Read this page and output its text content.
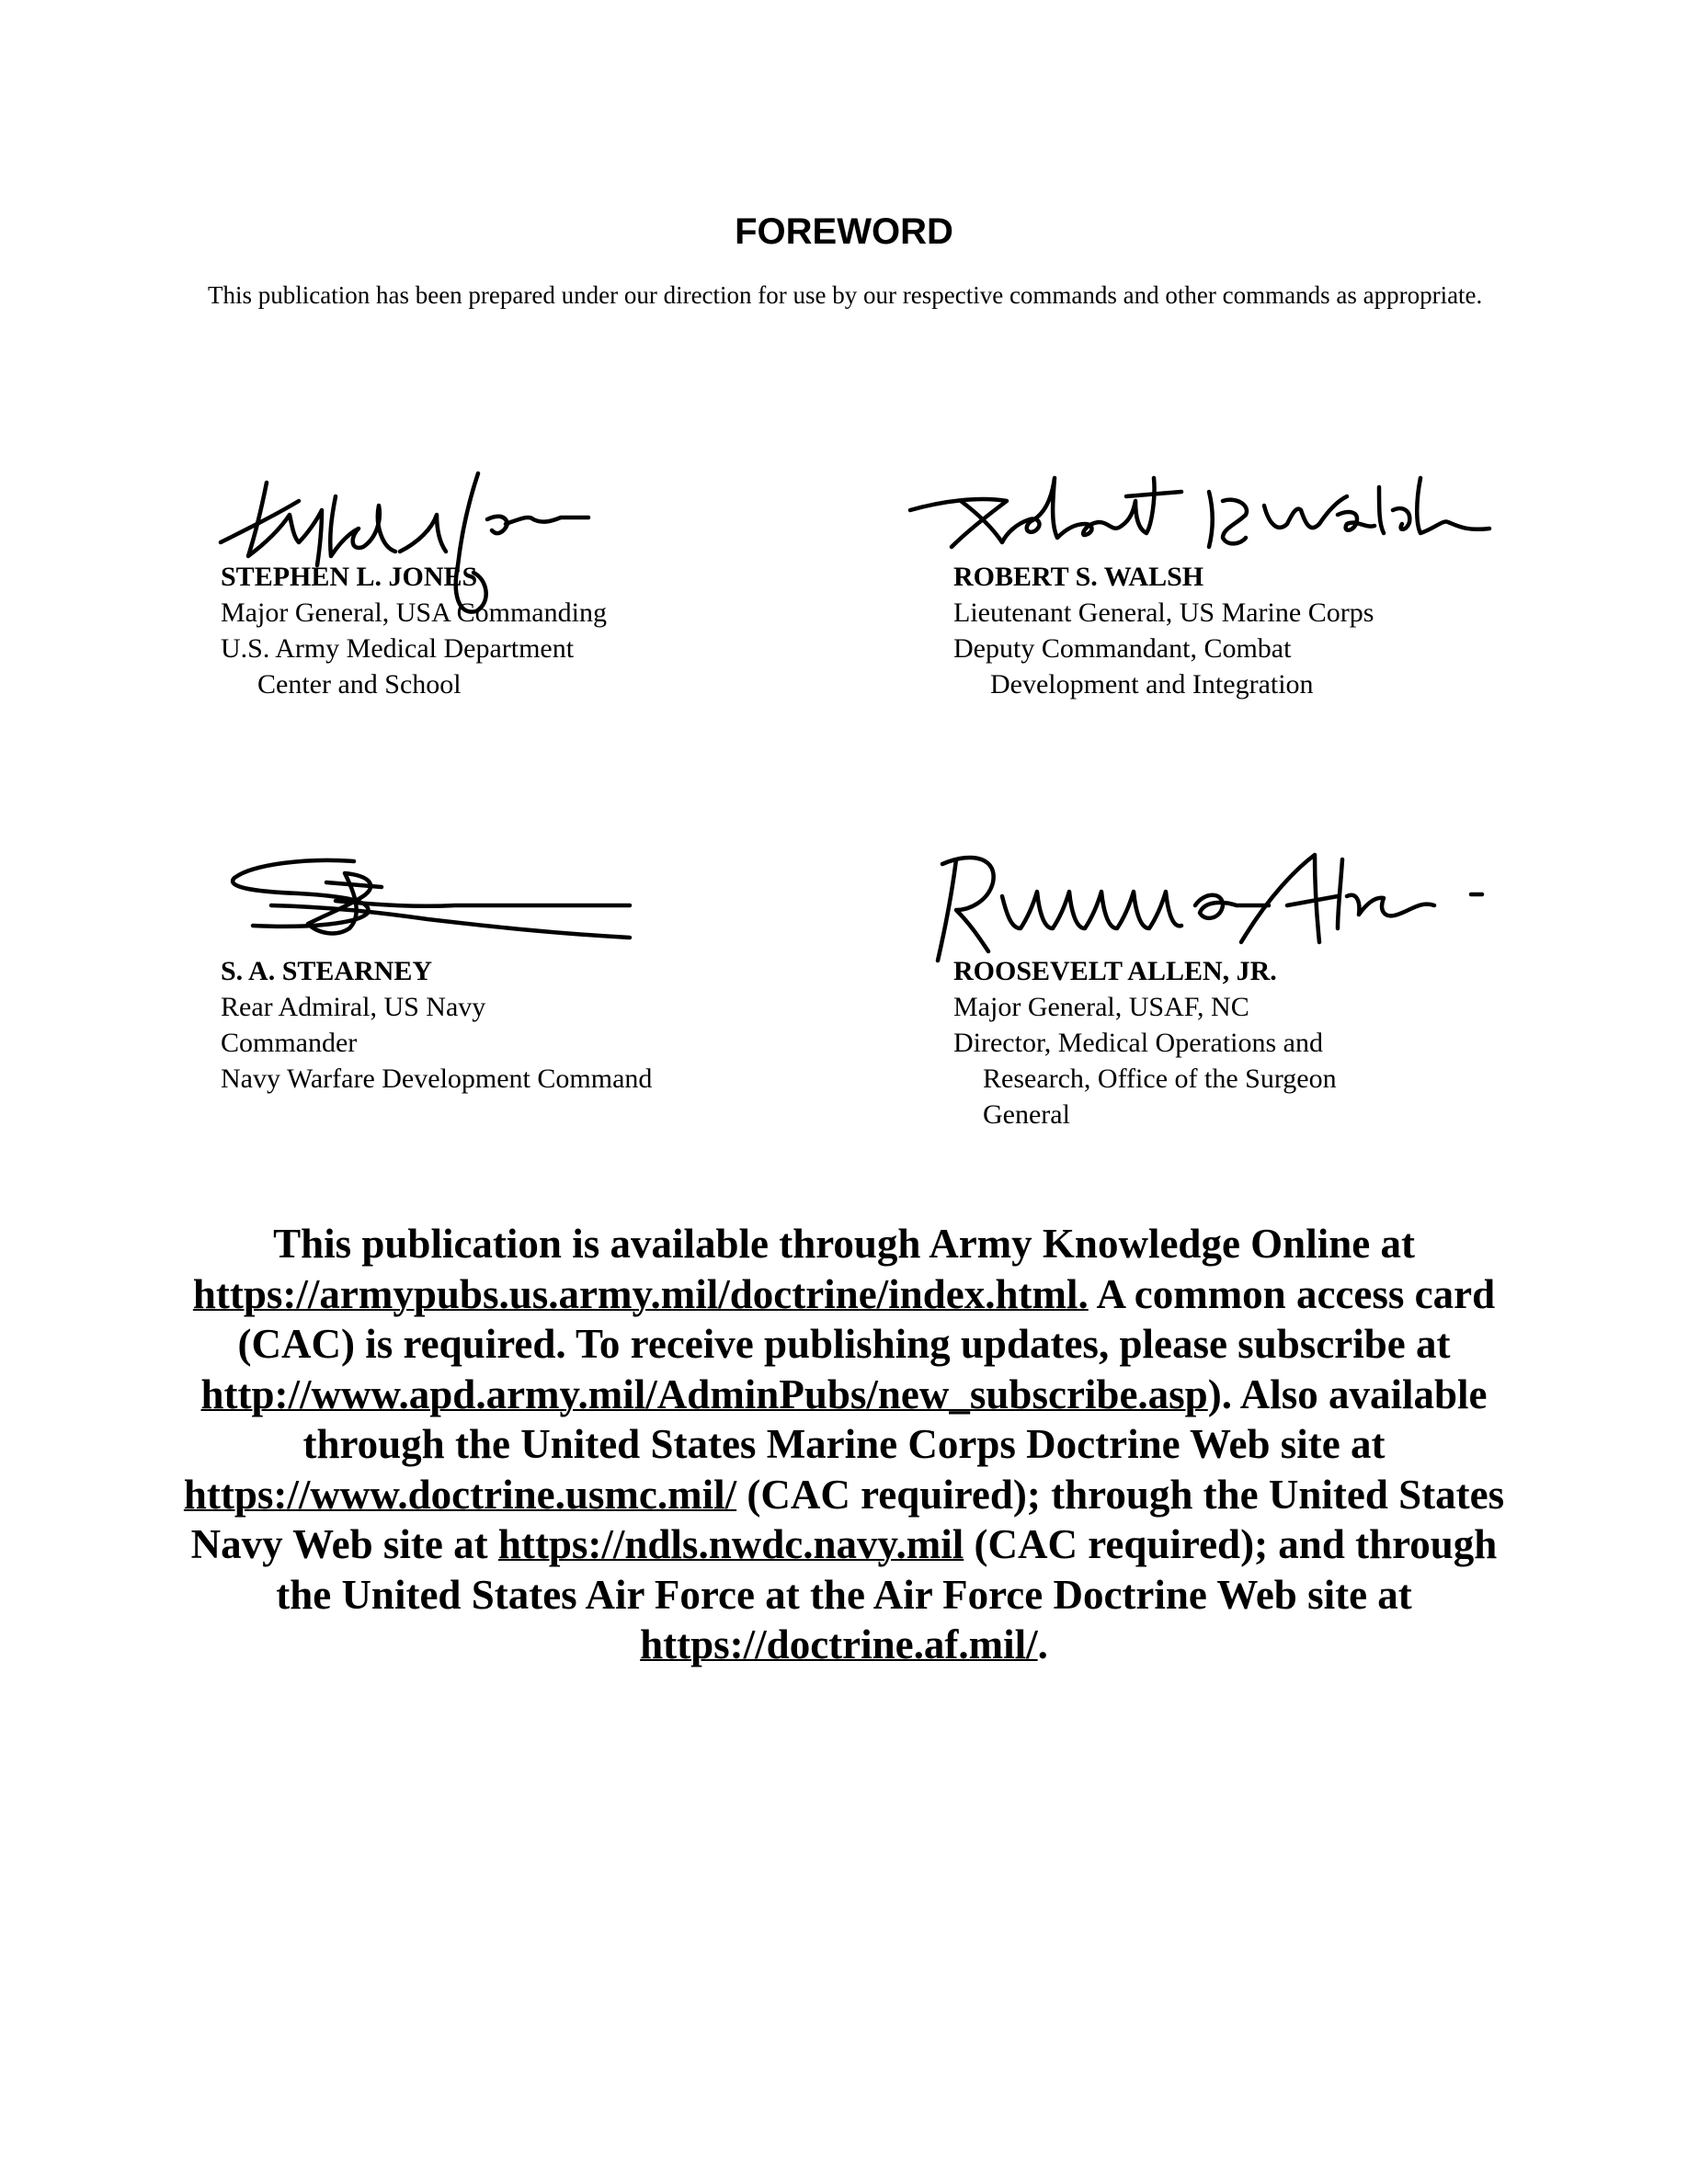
FOREWORD
This publication has been prepared under our direction for use by our respective commands and other commands as appropriate.
STEPHEN L. JONES
Major General, USA Commanding
U.S. Army Medical Department
Center and School
ROBERT S. WALSH
Lieutenant General, US Marine Corps
Deputy Commandant, Combat
Development and Integration
S. A. STEARNEY
Rear Admiral, US Navy
Commander
Navy Warfare Development Command
ROOSEVELT ALLEN, JR.
Major General, USAF, NC
Director, Medical Operations and
Research, Office of the Surgeon
General
This publication is available through Army Knowledge Online at https://armypubs.us.army.mil/doctrine/index.html. A common access card (CAC) is required. To receive publishing updates, please subscribe at http://www.apd.army.mil/AdminPubs/new_subscribe.asp). Also available through the United States Marine Corps Doctrine Web site at https://www.doctrine.usmc.mil/ (CAC required); through the United States Navy Web site at https://ndls.nwdc.navy.mil (CAC required); and through the United States Air Force at the Air Force Doctrine Web site at https://doctrine.af.mil/.
